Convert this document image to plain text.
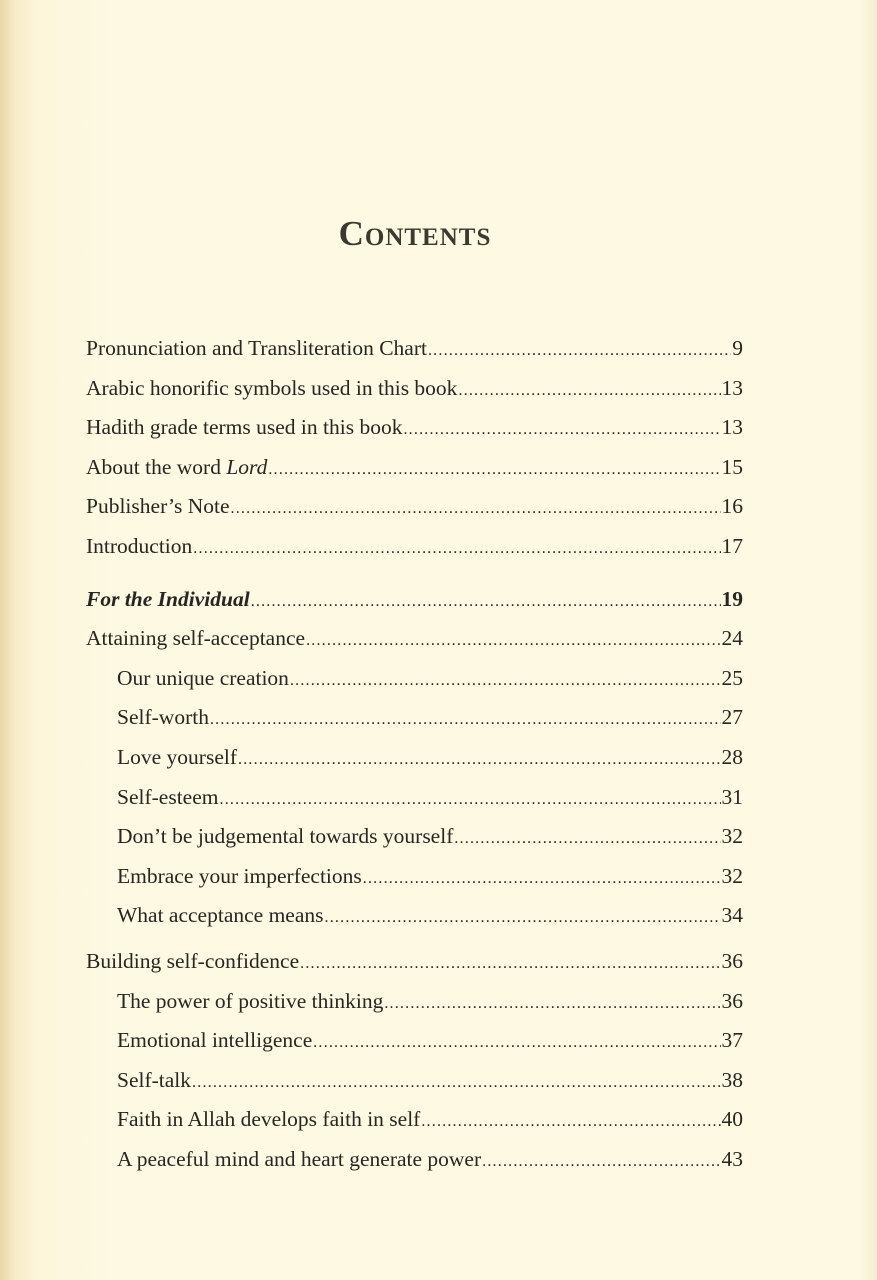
Contents
Pronunciation and Transliteration Chart .....	9
Arabic honorific symbols used in this book .....	13
Hadith grade terms used in this book .....	13
About the word Lord .....	15
Publisher’s Note .....	16
Introduction .....	17
For the Individual .....	19
Attaining self-acceptance .....	24
Our unique creation .....	25
Self-worth .....	27
Love yourself .....	28
Self-esteem .....	31
Don’t be judgemental towards yourself .....	32
Embrace your imperfections .....	32
What acceptance means .....	34
Building self-confidence .....	36
The power of positive thinking .....	36
Emotional intelligence .....	37
Self-talk .....	38
Faith in Allah develops faith in self .....	40
A peaceful mind and heart generate power .....	43
